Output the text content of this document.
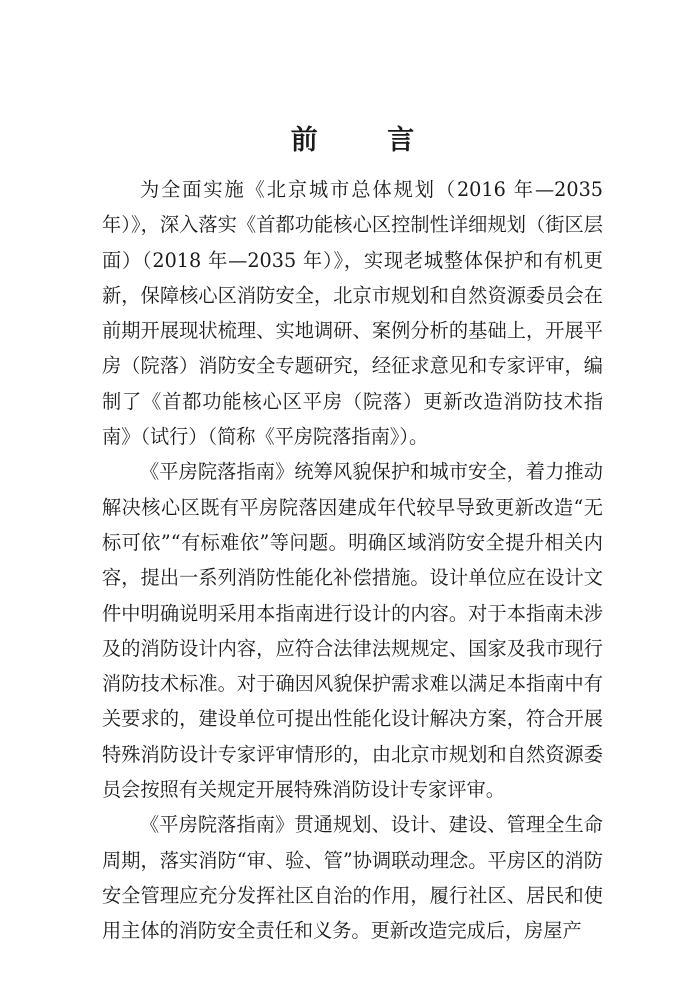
前 言

为全面实施《北京城市总体规划（2016 年—2035 年）》，深入落实《首都功能核心区控制性详细规划（街区层面）（2018 年—2035 年）》，实现老城整体保护和有机更新，保障核心区消防安全，北京市规划和自然资源委员会在前期开展现状梳理、实地调研、案例分析的基础上，开展平房（院落）消防安全专题研究，经征求意见和专家评审，编制了《首都功能核心区平房（院落）更新改造消防技术指南》（试行）（简称《平房院落指南》）。

《平房院落指南》统筹风貌保护和城市安全，着力推动解决核心区既有平房院落因建成年代较早导致更新改造“无标可依”“有标难依”等问题。明确区域消防安全提升相关内容，提出一系列消防性能化补偿措施。设计单位应在设计文件中明确说明采用本指南进行设计的内容。对于本指南未涉及的消防设计内容，应符合法律法规规定、国家及我市现行消防技术标准。对于确因风貌保护需求难以满足本指南中有关要求的，建设单位可提出性能化设计解决方案，符合开展特殊消防设计专家评审情形的，由北京市规划和自然资源委员会按照有关规定开展特殊消防设计专家评审。

《平房院落指南》贯通规划、设计、建设、管理全生命周期，落实消防“审、验、管”协调联动理念。平房区的消防安全管理应充分发挥社区自治的作用，履行社区、居民和使用主体的消防安全责任和义务。更新改造完成后，房屋产
